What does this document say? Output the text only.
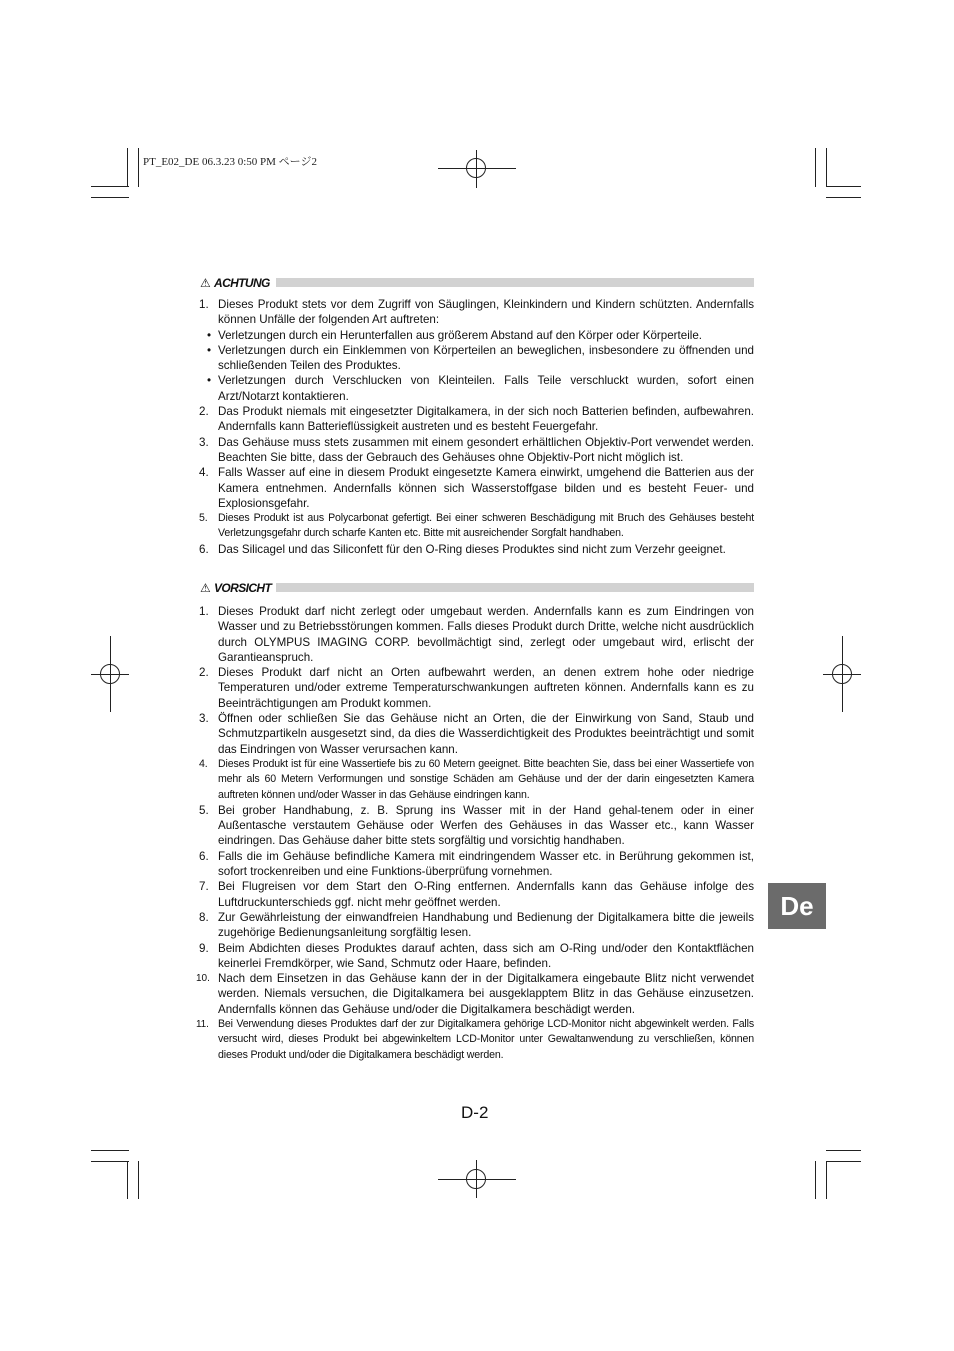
PT_E02_DE 06.3.23 0:50 PM ページ2
⚠ ACHTUNG
1. Dieses Produkt stets vor dem Zugriff von Säuglingen, Kleinkindern und Kindern schützten. Andernfalls können Unfälle der folgenden Art auftreten:
• Verletzungen durch ein Herunterfallen aus größerem Abstand auf den Körper oder Körperteile.
• Verletzungen durch ein Einklemmen von Körperteilen an beweglichen, insbesondere zu öffnenden und schließenden Teilen des Produktes.
• Verletzungen durch Verschlucken von Kleinteilen. Falls Teile verschluckt wurden, sofort einen Arzt/Notarzt kontaktieren.
2. Das Produkt niemals mit eingesetzter Digitalkamera, in der sich noch Batterien befinden, aufbewahren. Andernfalls kann Batterieflüssigkeit austreten und es besteht Feuergefahr.
3. Das Gehäuse muss stets zusammen mit einem gesondert erhältlichen Objektiv-Port verwendet werden. Beachten Sie bitte, dass der Gebrauch des Gehäuses ohne Objektiv-Port nicht möglich ist.
4. Falls Wasser auf eine in diesem Produkt eingesetzte Kamera einwirkt, umgehend die Batterien aus der Kamera entnehmen. Andernfalls können sich Wasserstoffgase bilden und es besteht Feuer- und Explosionsgefahr.
5. Dieses Produkt ist aus Polycarbonat gefertigt. Bei einer schweren Beschädigung mit Bruch des Gehäuses besteht Verletzungsgefahr durch scharfe Kanten etc. Bitte mit ausreichender Sorgfalt handhaben.
6. Das Silicagel und das Siliconfett für den O-Ring dieses Produktes sind nicht zum Verzehr geeignet.
⚠ VORSICHT
1. Dieses Produkt darf nicht zerlegt oder umgebaut werden. Andernfalls kann es zum Eindringen von Wasser und zu Betriebsstörungen kommen. Falls dieses Produkt durch Dritte, welche nicht ausdrücklich durch OLYMPUS IMAGING CORP. bevollmächtigt sind, zerlegt oder umgebaut wird, erlischt der Garantieanspruch.
2. Dieses Produkt darf nicht an Orten aufbewahrt werden, an denen extrem hohe oder niedrige Temperaturen und/oder extreme Temperaturschwankungen auftreten können. Andernfalls kann es zu Beeinträchtigungen am Produkt kommen.
3. Öffnen oder schließen Sie das Gehäuse nicht an Orten, die der Einwirkung von Sand, Staub und Schmutzpartikeln ausgesetzt sind, da dies die Wasserdichtigkeit des Produktes beeinträchtigt und somit das Eindringen von Wasser verursachen kann.
4. Dieses Produkt ist für eine Wassertiefe bis zu 60 Metern geeignet. Bitte beachten Sie, dass bei einer Wassertiefe von mehr als 60 Metern Verformungen und sonstige Schäden am Gehäuse und der der darin eingesetzten Kamera auftreten können und/oder Wasser in das Gehäuse eindringen kann.
5. Bei grober Handhabung, z. B. Sprung ins Wasser mit in der Hand gehal-tenem oder in einer Außentasche verstautem Gehäuse oder Werfen des Gehäuses in das Wasser etc., kann Wasser eindringen. Das Gehäuse daher bitte stets sorgfältig und vorsichtig handhaben.
6. Falls die im Gehäuse befindliche Kamera mit eindringendem Wasser etc. in Berührung gekommen ist, sofort trockenreiben und eine Funktions-überprüfung vornehmen.
7. Bei Flugreisen vor dem Start den O-Ring entfernen. Andernfalls kann das Gehäuse infolge des Luftdruckunterschieds ggf. nicht mehr geöffnet werden.
8. Zur Gewährleistung der einwandfreien Handhabung und Bedienung der Digitalkamera bitte die jeweils zugehörige Bedienungsanleitung sorgfältig lesen.
9. Beim Abdichten dieses Produktes darauf achten, dass sich am O-Ring und/oder den Kontaktflächen keinerlei Fremdkörper, wie Sand, Schmutz oder Haare, befinden.
10. Nach dem Einsetzen in das Gehäuse kann der in der Digitalkamera eingebaute Blitz nicht verwendet werden. Niemals versuchen, die Digitalkamera bei ausgeklapptem Blitz in das Gehäuse einzusetzen. Andernfalls können das Gehäuse und/oder die Digitalkamera beschädigt werden.
11. Bei Verwendung dieses Produktes darf der zur Digitalkamera gehörige LCD-Monitor nicht abgewinkelt werden. Falls versucht wird, dieses Produkt bei abgewinkeltem LCD-Monitor unter Gewaltanwendung zu verschließen, können dieses Produkt und/oder die Digitalkamera beschädigt werden.
D-2
De
